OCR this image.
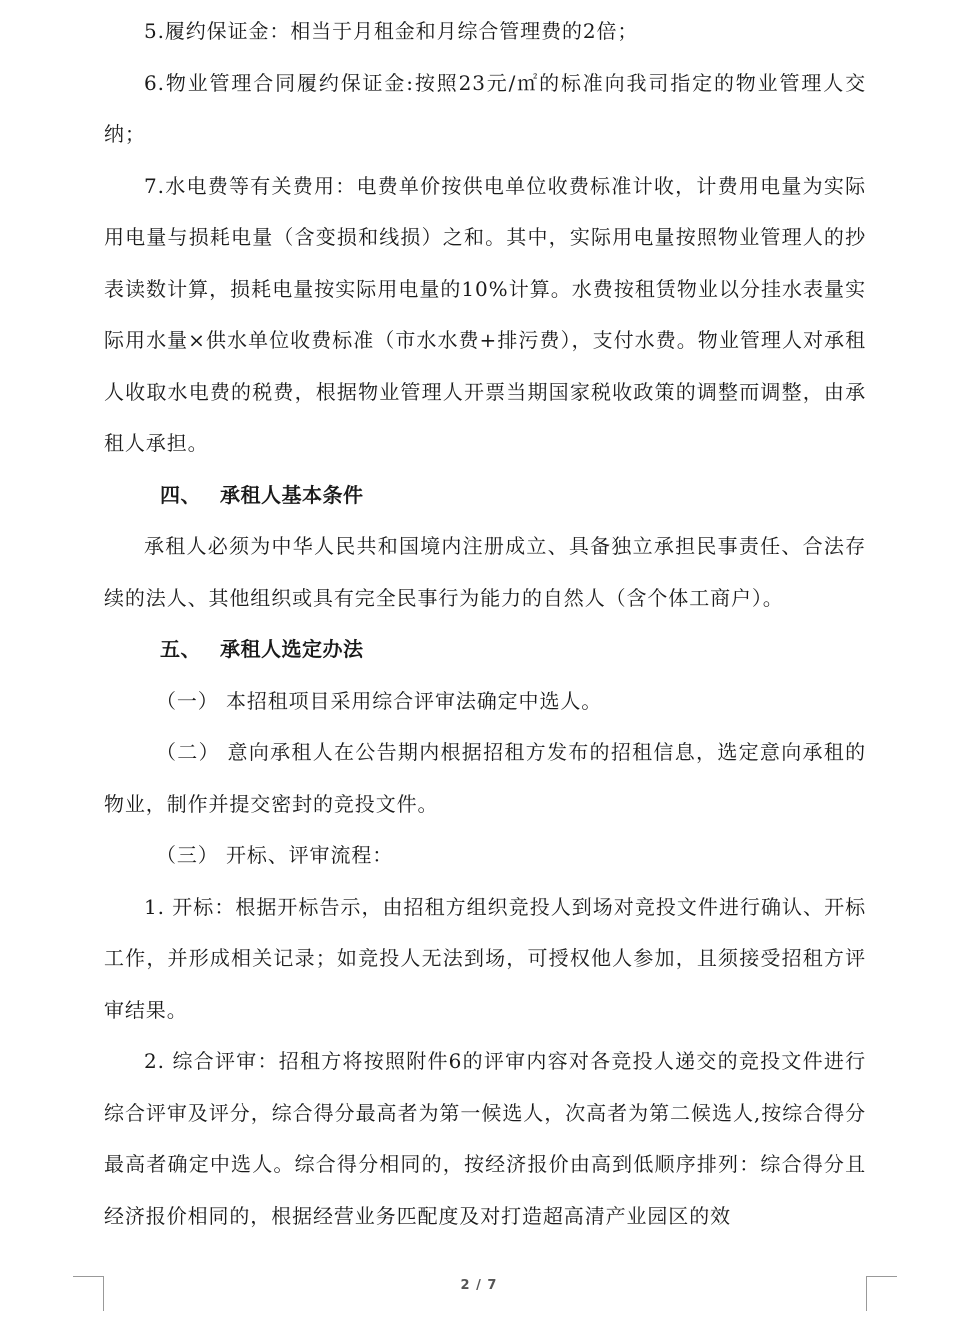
5.履约保证金：相当于月租金和月综合管理费的2倍；

6.物业管理合同履约保证金:按照23元/㎡的标准向我司指定的物业管理人交纳；

7.水电费等有关费用：电费单价按供电单位收费标准计收，计费用电量为实际用电量与损耗电量（含变损和线损）之和。其中，实际用电量按照物业管理人的抄表读数计算，损耗电量按实际用电量的10%计算。水费按租赁物业以分挂水表量实际用水量×供水单位收费标准（市水水费+排污费），支付水费。物业管理人对承租人收取水电费的税费，根据物业管理人开票当期国家税收政策的调整而调整，由承租人承担。

四、 承租人基本条件

承租人必须为中华人民共和国境内注册成立、具备独立承担民事责任、合法存续的法人、其他组织或具有完全民事行为能力的自然人（含个体工商户）。

五、 承租人选定办法

（一） 本招租项目采用综合评审法确定中选人。

（二） 意向承租人在公告期内根据招租方发布的招租信息，选定意向承租的物业，制作并提交密封的竞投文件。

（三） 开标、评审流程：

1. 开标：根据开标告示，由招租方组织竞投人到场对竞投文件进行确认、开标工作，并形成相关记录；如竞投人无法到场，可授权他人参加，且须接受招租方评审结果。

2. 综合评审：招租方将按照附件6的评审内容对各竞投人递交的竞投文件进行综合评审及评分，综合得分最高者为第一候选人，次高者为第二候选人,按综合得分最高者确定中选人。综合得分相同的，按经济报价由高到低顺序排列：综合得分且经济报价相同的，根据经营业务匹配度及对打造超高清产业园区的效

2 / 7
